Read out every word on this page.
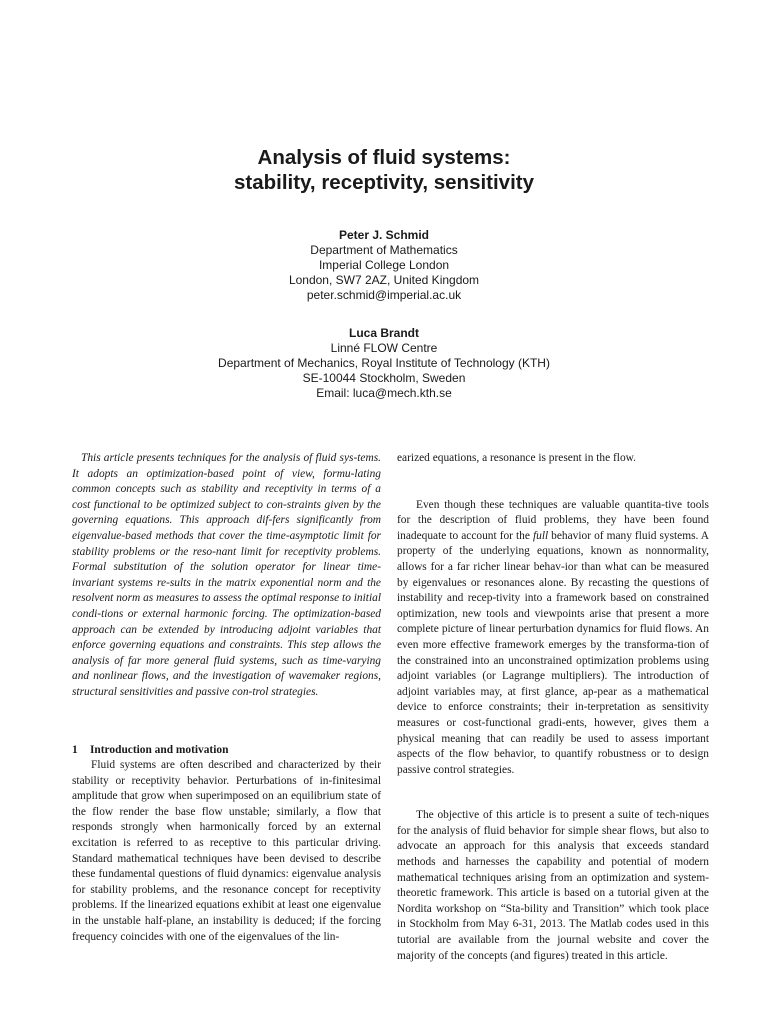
Analysis of fluid systems:

stability, receptivity, sensitivity

Peter J. Schmid
Department of Mathematics
Imperial College London
London, SW7 2AZ, United Kingdom
peter.schmid@imperial.ac.uk
Luca Brandt
Linné FLOW Centre
Department of Mechanics, Royal Institute of Technology (KTH)
SE-10044 Stockholm, Sweden
Email: luca@mech.kth.se

This article presents techniques for the analysis of fluid sys-tems. It adopts an optimization-based point of view, formu-lating common concepts such as stability and receptivity in terms of a cost functional to be optimized subject to con-straints given by the governing equations. This approach dif-fers significantly from eigenvalue-based methods that cover the time-asymptotic limit for stability problems or the reso-nant limit for receptivity problems. Formal substitution of the solution operator for linear time-invariant systems re-sults in the matrix exponential norm and the resolvent norm as measures to assess the optimal response to initial condi-tions or external harmonic forcing. The optimization-based approach can be extended by introducing adjoint variables that enforce governing equations and constraints. This step allows the analysis of far more general fluid systems, such as time-varying and nonlinear flows, and the investigation of wavemaker regions, structural sensitivities and passive con-trol strategies.

1 Introduction and motivation

Fluid systems are often described and characterized by their stability or receptivity behavior. Perturbations of in-finitesimal amplitude that grow when superimposed on an equilibrium state of the flow render the base flow unstable; similarly, a flow that responds strongly when harmonically forced by an external excitation is referred to as receptive to this particular driving. Standard mathematical techniques have been devised to describe these fundamental questions of fluid dynamics: eigenvalue analysis for stability problems, and the resonance concept for receptivity problems. If the linearized equations exhibit at least one eigenvalue in the unstable half-plane, an instability is deduced; if the forcing frequency coincides with one of the eigenvalues of the lin-

earized equations, a resonance is present in the flow.

Even though these techniques are valuable quantita-tive tools for the description of fluid problems, they have been found inadequate to account for the full behavior of many fluid systems. A property of the underlying equations, known as nonnormality, allows for a far richer linear behav-ior than what can be measured by eigenvalues or resonances alone. By recasting the questions of instability and recep-tivity into a framework based on constrained optimization, new tools and viewpoints arise that present a more complete picture of linear perturbation dynamics for fluid flows. An even more effective framework emerges by the transforma-tion of the constrained into an unconstrained optimization problems using adjoint variables (or Lagrange multipliers). The introduction of adjoint variables may, at first glance, ap-pear as a mathematical device to enforce constraints; their in-terpretation as sensitivity measures or cost-functional gradi-ents, however, gives them a physical meaning that can readily be used to assess important aspects of the flow behavior, to quantify robustness or to design passive control strategies.

The objective of this article is to present a suite of tech-niques for the analysis of fluid behavior for simple shear flows, but also to advocate an approach for this analysis that exceeds standard methods and harnesses the capability and potential of modern mathematical techniques arising from an optimization and system-theoretic framework. This article is based on a tutorial given at the Nordita workshop on “Sta-bility and Transition” which took place in Stockholm from May 6-31, 2013. The Matlab codes used in this tutorial are available from the journal website and cover the majority of the concepts (and figures) treated in this article.
